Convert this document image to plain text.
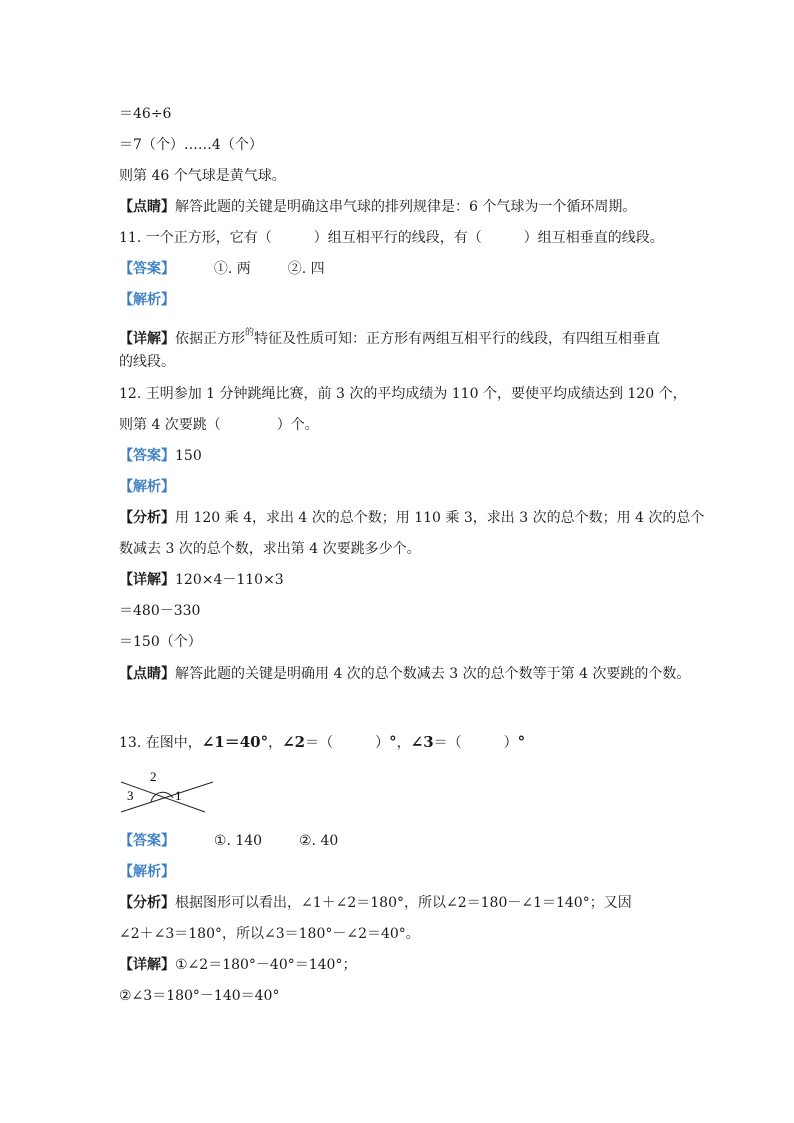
＝46÷6
＝7（个）……4（个）
则第 46 个气球是黄气球。
【点睛】解答此题的关键是明确这串气球的排列规律是：6 个气球为一个循环周期。
11. 一个正方形，它有（　　　）组互相平行的线段，有（　　　）组互相垂直的线段。
【答案】	①. 两	②. 四
【解析】
【详解】依据正方形$^的$特征及性质可知：正方形有两组互相平行的线段，有四组互相垂直
的线段。
12. 王明参加 1 分钟跳绳比赛，前 3 次的平均成绩为 110 个，要使平均成绩达到 120 个，
则第 4 次要跳（　　　　）个。
【答案】150
【解析】
【分析】用 120 乘 4，求出 4 次的总个数；用 110 乘 3，求出 3 次的总个数；用 4 次的总个
数减去 3 次的总个数，求出第 4 次要跳多少个。
【详解】120×4－110×3
＝480－330
＝150（个）
【点睛】解答此题的关键是明确用 4 次的总个数减去 3 次的总个数等于第 4 次要跳的个数。
13. 在图中，∠1＝40°，∠2＝（　　　）°，∠3＝（　　　）°
2
3	1
【答案】	①. 140	②. 40
【解析】
【分析】根据图形可以看出，∠1＋∠2＝180°，所以∠2＝180－∠1＝140°；又因
∠2＋∠3＝180°，所以∠3＝180°－∠2＝40°。
【详解】①∠2＝180°－40°＝140°；
②∠3＝180°－140＝40°
